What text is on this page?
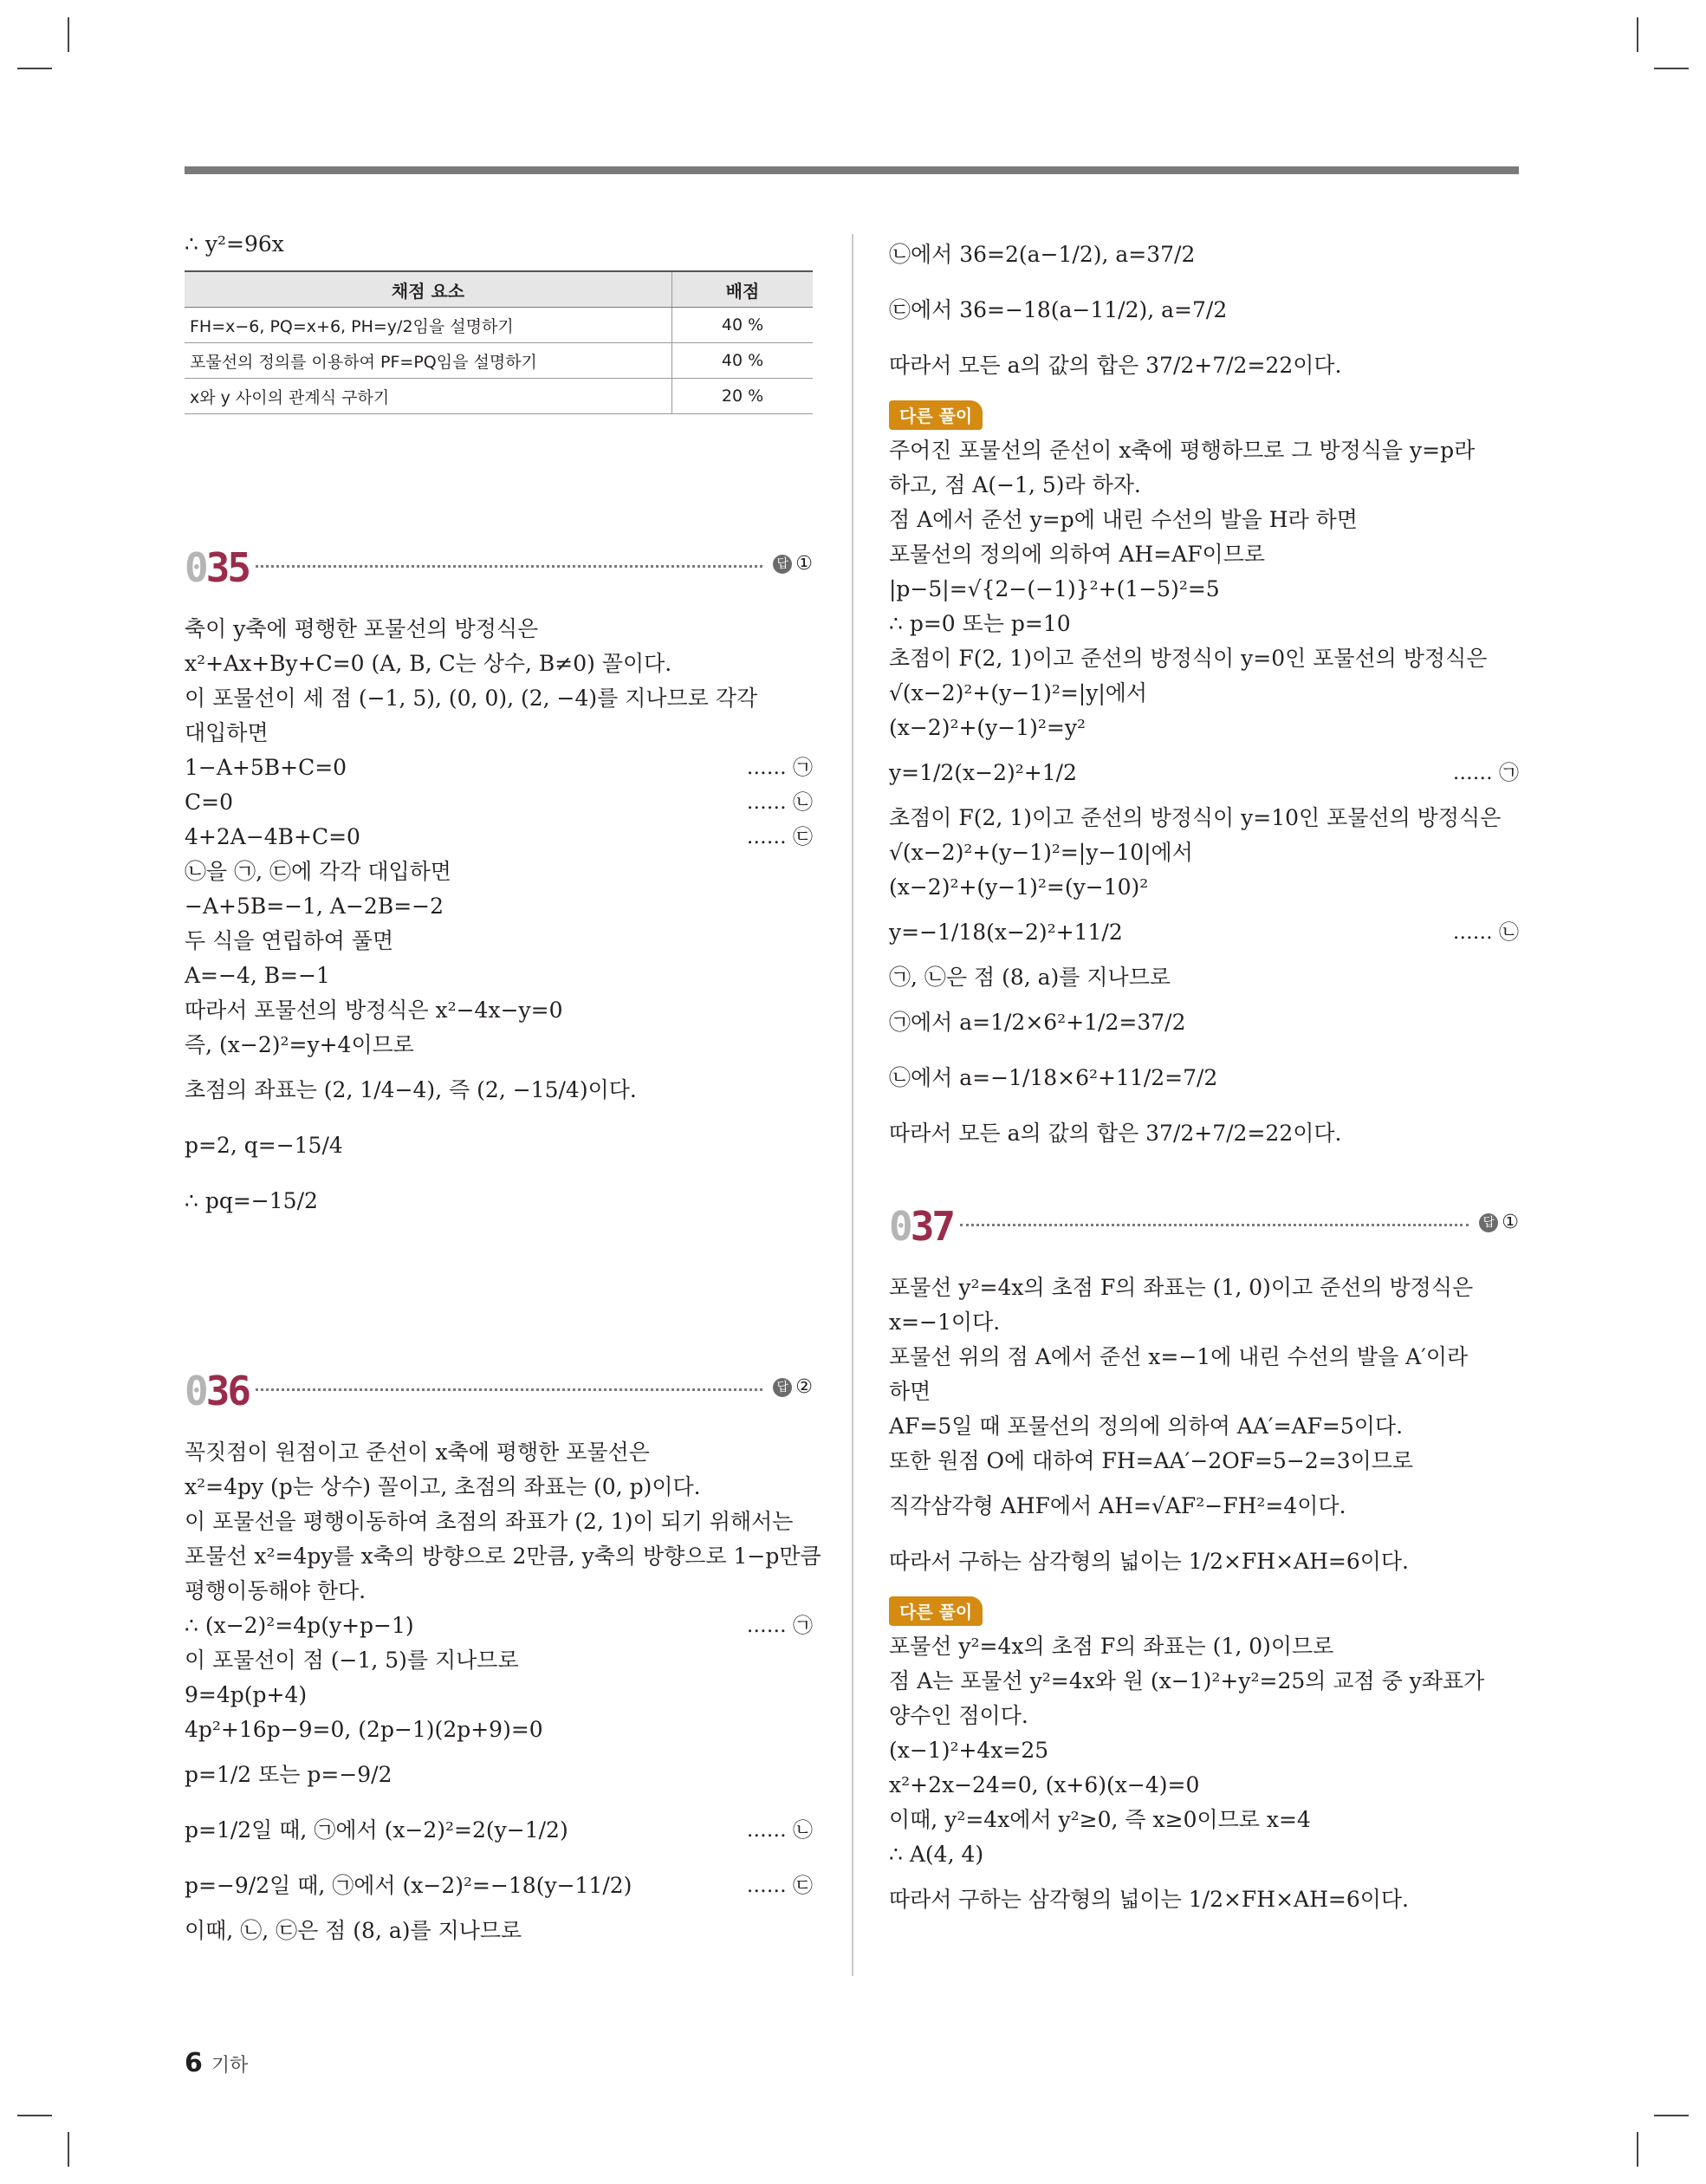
∴ y²=96x
채점 요소	배점
FH=x−6, PQ=x+6, PH=y/2임을 설명하기	40 %
포물선의 정의를 이용하여 PF=PQ임을 설명하기	40 %
x와 y 사이의 관계식 구하기	20 %
035	답 ①
축이 y축에 평행한 포물선의 방정식은
x²+Ax+By+C=0 (A, B, C는 상수, B≠0) 꼴이다.
이 포물선이 세 점 (−1, 5), (0, 0), (2, −4)를 지나므로 각각
대입하면
1−A+5B+C=0	…… ㉠
C=0	…… ㉡
4+2A−4B+C=0	…… ㉢
㉡을 ㉠, ㉢에 각각 대입하면
−A+5B=−1, A−2B=−2
두 식을 연립하여 풀면
A=−4, B=−1
따라서 포물선의 방정식은 x²−4x−y=0
즉, (x−2)²=y+4이므로
초점의 좌표는 (2, 1/4−4), 즉 (2, −15/4)이다.
p=2, q=−15/4
∴ pq=−15/2
036	답 ②
꼭짓점이 원점이고 준선이 x축에 평행한 포물선은
x²=4py (p는 상수) 꼴이고, 초점의 좌표는 (0, p)이다.
이 포물선을 평행이동하여 초점의 좌표가 (2, 1)이 되기 위해서는
포물선 x²=4py를 x축의 방향으로 2만큼, y축의 방향으로 1−p만큼
평행이동해야 한다.
∴ (x−2)²=4p(y+p−1)	…… ㉠
이 포물선이 점 (−1, 5)를 지나므로
9=4p(p+4)
4p²+16p−9=0, (2p−1)(2p+9)=0
p=1/2 또는 p=−9/2
p=1/2일 때, ㉠에서 (x−2)²=2(y−1/2)	…… ㉡
p=−9/2일 때, ㉠에서 (x−2)²=−18(y−11/2)	…… ㉢
이때, ㉡, ㉢은 점 (8, a)를 지나므로
㉡에서 36=2(a−1/2), a=37/2
㉢에서 36=−18(a−11/2), a=7/2
따라서 모든 a의 값의 합은 37/2+7/2=22이다.
다른 풀이
주어진 포물선의 준선이 x축에 평행하므로 그 방정식을 y=p라
하고, 점 A(−1, 5)라 하자.
점 A에서 준선 y=p에 내린 수선의 발을 H라 하면
포물선의 정의에 의하여 AH=AF이므로
|p−5|=√{2−(−1)}²+(1−5)²=5
∴ p=0 또는 p=10
초점이 F(2, 1)이고 준선의 방정식이 y=0인 포물선의 방정식은
√(x−2)²+(y−1)²=|y|에서
(x−2)²+(y−1)²=y²
y=1/2(x−2)²+1/2	…… ㉠
초점이 F(2, 1)이고 준선의 방정식이 y=10인 포물선의 방정식은
√(x−2)²+(y−1)²=|y−10|에서
(x−2)²+(y−1)²=(y−10)²
y=−1/18(x−2)²+11/2	…… ㉡
㉠, ㉡은 점 (8, a)를 지나므로
㉠에서 a=1/2×6²+1/2=37/2
㉡에서 a=−1/18×6²+11/2=7/2
따라서 모든 a의 값의 합은 37/2+7/2=22이다.
037	답 ①
포물선 y²=4x의 초점 F의 좌표는 (1, 0)이고 준선의 방정식은
x=−1이다.
포물선 위의 점 A에서 준선 x=−1에 내린 수선의 발을 A′이라
하면
AF=5일 때 포물선의 정의에 의하여 AA′=AF=5이다.
또한 원점 O에 대하여 FH=AA′−2OF=5−2=3이므로
직각삼각형 AHF에서 AH=√AF²−FH²=4이다.
따라서 구하는 삼각형의 넓이는 1/2×FH×AH=6이다.
다른 풀이
포물선 y²=4x의 초점 F의 좌표는 (1, 0)이므로
점 A는 포물선 y²=4x와 원 (x−1)²+y²=25의 교점 중 y좌표가
양수인 점이다.
(x−1)²+4x=25
x²+2x−24=0, (x+6)(x−4)=0
이때, y²=4x에서 y²≥0, 즉 x≥0이므로 x=4
∴ A(4, 4)
따라서 구하는 삼각형의 넓이는 1/2×FH×AH=6이다.
6 기하
